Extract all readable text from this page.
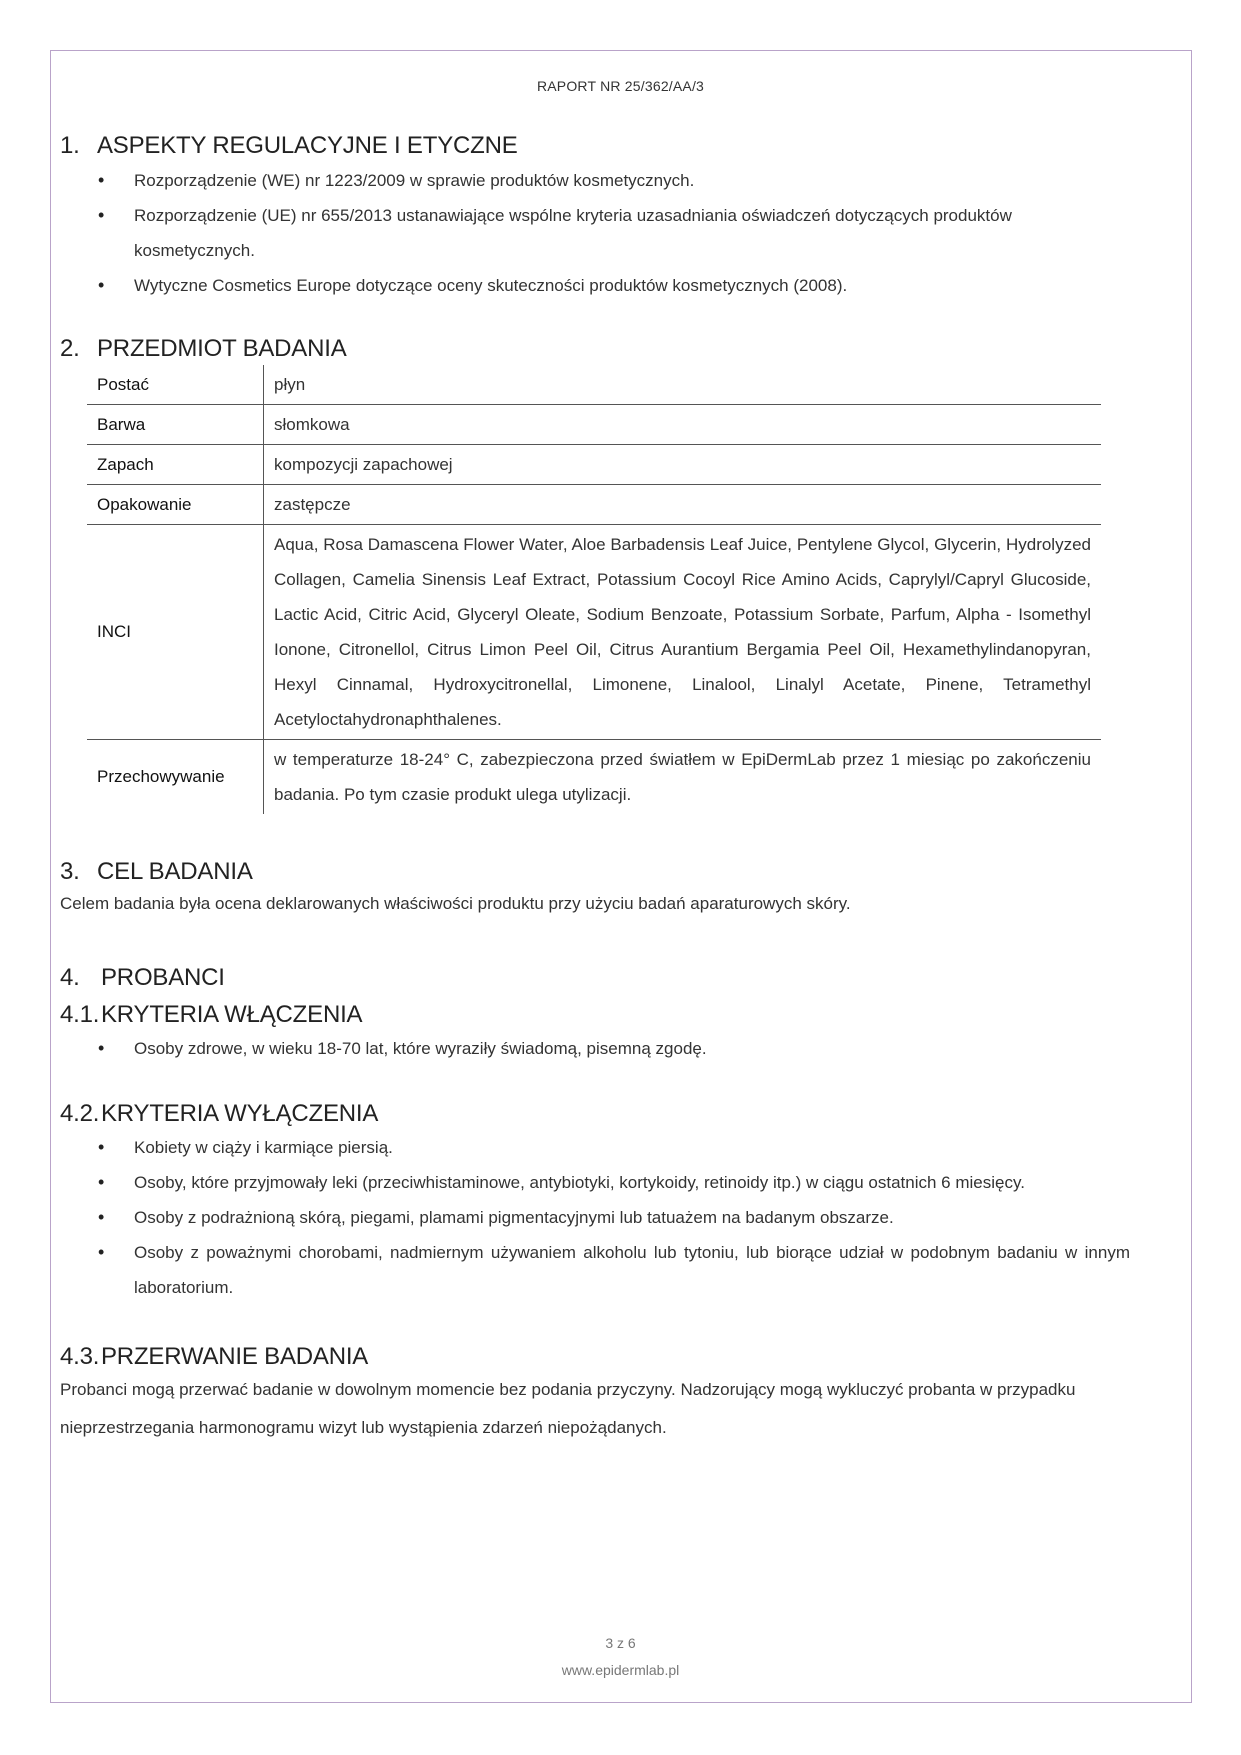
RAPORT NR 25/362/AA/3
1. ASPEKTY REGULACYJNE I ETYCZNE
• Rozporządzenie (WE) nr 1223/2009 w sprawie produktów kosmetycznych.
• Rozporządzenie (UE) nr 655/2013 ustanawiające wspólne kryteria uzasadniania oświadczeń dotyczących produktów kosmetycznych.
• Wytyczne Cosmetics Europe dotyczące oceny skuteczności produktów kosmetycznych (2008).
2. PRZEDMIOT BADANIA
Postać	płyn
Barwa	słomkowa
Zapach	kompozycji zapachowej
Opakowanie	zastępcze
INCI	Aqua, Rosa Damascena Flower Water, Aloe Barbadensis Leaf Juice, Pentylene Glycol, Glycerin, Hydrolyzed Collagen, Camelia Sinensis Leaf Extract, Potassium Cocoyl Rice Amino Acids, Caprylyl/Capryl Glucoside, Lactic Acid, Citric Acid, Glyceryl Oleate, Sodium Benzoate, Potassium Sorbate, Parfum, Alpha - Isomethyl Ionone, Citronellol, Citrus Limon Peel Oil, Citrus Aurantium Bergamia Peel Oil, Hexamethylindanopyran, Hexyl Cinnamal, Hydroxycitronellal, Limonene, Linalool, Linalyl Acetate, Pinene, Tetramethyl Acetyloctahydronaphthalenes.
Przechowywanie	w temperaturze 18-24° C, zabezpieczona przed światłem w EpiDermLab przez 1 miesiąc po zakończeniu badania. Po tym czasie produkt ulega utylizacji.
3. CEL BADANIA

Celem badania była ocena deklarowanych właściwości produktu przy użyciu badań aparaturowych skóry.

4. PROBANCI
4.1.KRYTERIA WŁĄCZENIA
• Osoby zdrowe, w wieku 18-70 lat, które wyraziły świadomą, pisemną zgodę.
4.2.KRYTERIA WYŁĄCZENIA
• Kobiety w ciąży i karmiące piersią.
• Osoby, które przyjmowały leki (przeciwhistaminowe, antybiotyki, kortykoidy, retinoidy itp.) w ciągu ostatnich 6 miesięcy.
• Osoby z podrażnioną skórą, piegami, plamami pigmentacyjnymi lub tatuażem na badanym obszarze.
• Osoby z poważnymi chorobami, nadmiernym używaniem alkoholu lub tytoniu, lub biorące udział w podobnym badaniu w innym laboratorium.
4.3.PRZERWANIE BADANIA

Probanci mogą przerwać badanie w dowolnym momencie bez podania przyczyny. Nadzorujący mogą wykluczyć probanta w przypadku nieprzestrzegania harmonogramu wizyt lub wystąpienia zdarzeń niepożądanych.

3 z 6
www.epidermlab.pl
